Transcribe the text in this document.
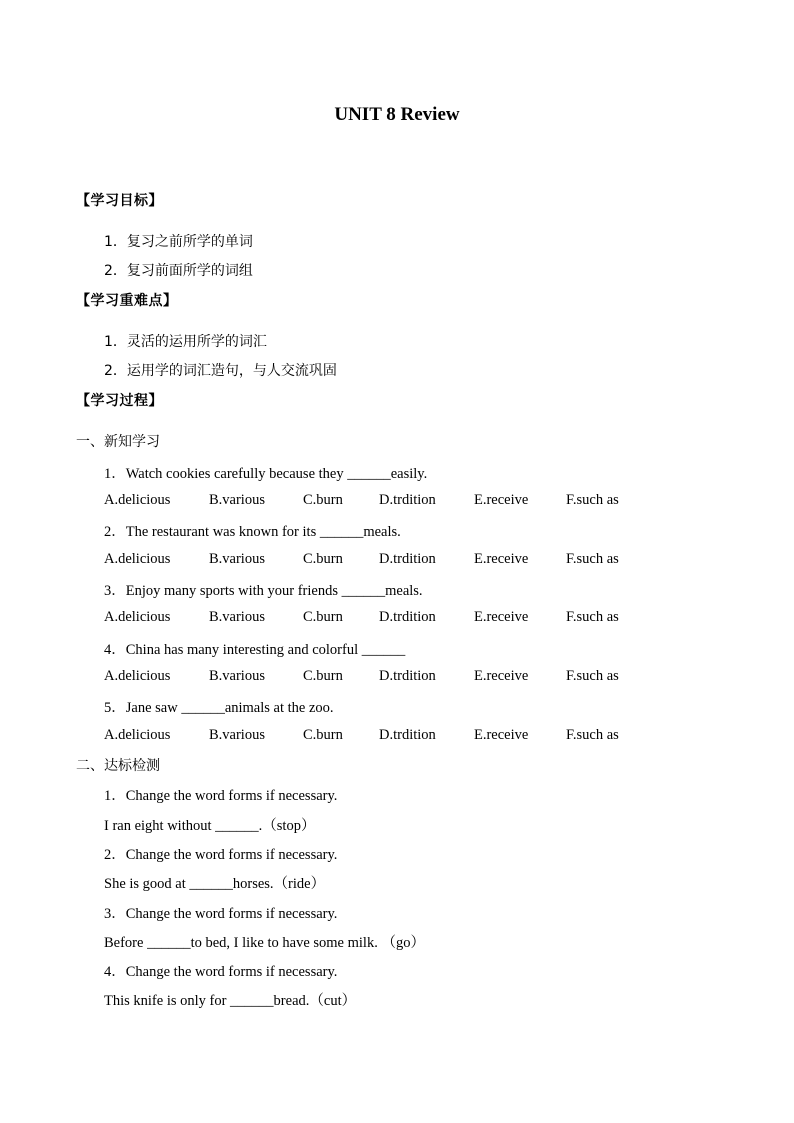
UNIT 8 Review
【学习目标】
1．复习之前所学的单词
2．复习前面所学的词组
【学习重难点】
1．灵活的运用所学的词汇
2．运用学的词汇造句，与人交流巩固
【学习过程】
一、新知学习
1．Watch cookies carefully because they ______easily.
A.delicious	B.various	C.burn D.trdition	E.receive	F.such as
2．The restaurant was known for its ______meals.
A.delicious	B.various	C.burn D.trdition	E.receive	F.such as
3．Enjoy many sports with your friends ______meals.
A.delicious	B.various	C.burn D.trdition	E.receive	F.such as
4．China has many interesting and colorful ______
A.delicious	B.various	C.burn D.trdition	E.receive	F.such as
5．Jane saw ______animals at the zoo.
A.delicious	B.various	C.burn D.trdition	E.receive	F.such as
二、达标检测
1．Change the word forms if necessary.
I ran eight without ______.（stop）
2．Change the word forms if necessary.
She is good at ______horses.（ride）
3．Change the word forms if necessary.
Before ______to bed, I like to have some milk. （go）
4．Change the word forms if necessary.
This knife is only for ______bread.（cut）
